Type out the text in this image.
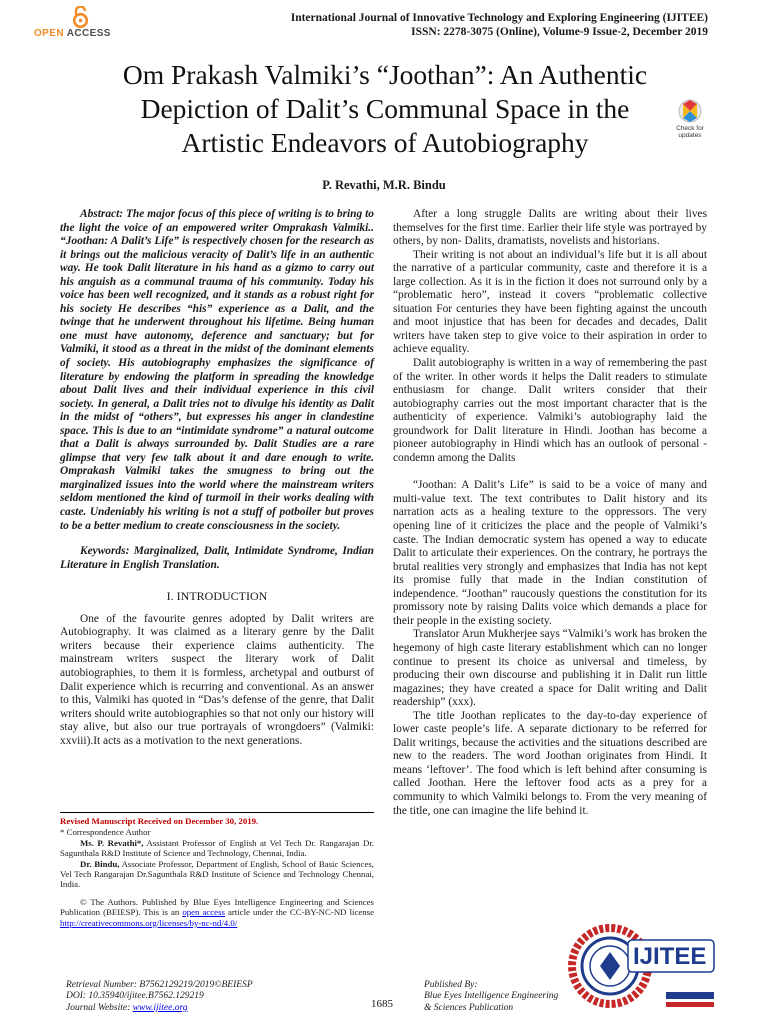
OPEN ACCESS
International Journal of Innovative Technology and Exploring Engineering (IJITEE)
ISSN: 2278-3075 (Online), Volume-9 Issue-2, December 2019
Om Prakash Valmiki’s “Joothan”: An Authentic
Depiction of Dalit’s Communal Space in the
Artistic Endeavors of Autobiography	Check for
updates
P. Revathi, M.R. Bindu

Abstract: The major focus of this piece of writing is to bring to the light the voice of an empowered writer Omprakash Valmiki.. “Joothan: A Dalit’s Life” is respectively chosen for the research as it brings out the malicious veracity of Dalit’s life in an authentic way. He took Dalit literature in his hand as a gizmo to carry out his anguish as a communal trauma of his community. Today his voice has been well recognized, and it stands as a robust right for his society He describes “his” experience as a Dalit, and the twinge that he underwent throughout his lifetime. Being human one must have autonomy, deference and sanctuary; but for Valmiki, it stood as a threat in the midst of the dominant elements of society. His autobiography emphasizes the significance of literature by endowing the platform in spreading the knowledge about Dalit lives and their individual experience in this civil society. In general, a Dalit tries not to divulge his identity as Dalit in the midst of “others”, but expresses his anger in clandestine space. This is due to an “intimidate syndrome” a natural outcome that a Dalit is always surrounded by. Dalit Studies are a rare glimpse that very few talk about it and dare enough to write. Omprakash Valmiki takes the smugness to bring out the marginalized issues into the world where the mainstream writers seldom mentioned the kind of turmoil in their works dealing with caste. Undeniably his writing is not a stuff of potboiler but proves to be a better medium to create consciousness in the society.

Keywords: Marginalized, Dalit, Intimidate Syndrome, Indian Literature in English Translation.

I. INTRODUCTION

One of the favourite genres adopted by Dalit writers are Autobiography. It was claimed as a literary genre by the Dalit writers because their experience claims authenticity. The mainstream writers suspect the literary work of Dalit autobiographies, to them it is formless, archetypal and outburst of Dalit experience which is recurring and conventional. As an answer to this, Valmiki has quoted in “Das’s defense of the genre, that Dalit writers should write autobiographies so that not only our history will stay alive, but also our true portrayals of wrongdoers” (Valmiki: xxviii).It acts as a motivation to the next generations.

Revised Manuscript Received on December 30, 2019.

* Correspondence Author

Ms. P. Revathi*, Assistant Professor of English at Vel Tech Dr. Rangarajan Dr. Sagunthala R&D Institute of Science and Technology, Chennai, India.

Dr. Bindu, Associate Professor, Department of English, School of Basic Sciences, Vel Tech Rangarajan Dr.Sagunthala R&D Institute of Science and Technology Chennai, India.

© The Authors. Published by Blue Eyes Intelligence Engineering and Sciences Publication (BEIESP). This is an open access article under the CC-BY-NC-ND license http://creativecommons.org/licenses/by-nc-nd/4.0/

After a long struggle Dalits are writing about their lives themselves for the first time. Earlier their life style was portrayed by others, by non- Dalits, dramatists, novelists and historians.

Their writing is not about an individual’s life but it is all about the narrative of a particular community, caste and therefore it is a large collection. As it is in the fiction it does not surround only by a “problematic hero”, instead it covers “problematic collective situation For centuries they have been fighting against the uncouth and moot injustice that has been for decades and decades, Dalit writers have taken step to give voice to their aspiration in order to achieve equality.

Dalit autobiography is written in a way of remembering the past of the writer. In other words it helps the Dalit readers to stimulate enthusiasm for change. Dalit writers consider that their autobiography carries out the most important character that is the authenticity of experience. Valmiki’s autobiography laid the groundwork for Dalit literature in Hindi. Joothan has become a pioneer autobiography in Hindi which has an outlook of personal - condemn among the Dalits

“Joothan: A Dalit’s Life” is said to be a voice of many and multi-value text. The text contributes to Dalit history and its narration acts as a healing texture to the oppressors. The very opening line of it criticizes the place and the people of Valmiki’s caste. The Indian democratic system has opened a way to educate Dalit to articulate their experiences. On the contrary, he portrays the brutal realities very strongly and emphasizes that India has not kept its promise fully that made in the Indian constitution of independence. “Joothan” raucously questions the constitution for its promissory note by raising Dalits voice which demands a place for their people in the existing society.

Translator Arun Mukherjee says “Valmiki’s work has broken the hegemony of high caste literary establishment which can no longer continue to present its choice as universal and timeless, by producing their own discourse and publishing it in Dalit run little magazines; they have created a space for Dalit writing and Dalit readership” (xxx).

The title Joothan replicates to the day-to-day experience of lower caste people’s life. A separate dictionary to be referred for Dalit writings, because the activities and the situations described are new to the readers. The word Joothan originates from Hindi. It means ‘leftover’. The food which is left behind after consuming is called Joothan. Here the leftover food acts as a prey for a community to which Valmiki belongs to. From the very meaning of the title, one can imagine the life behind it.

Retrieval Number: B7562129219/2019©BEIESP
DOI: 10.35940/ijitee.B7562.129219
Journal Website: www.ijitee.org	1685
Published By:
Blue Eyes Intelligence Engineering
& Sciences Publication
IJITEE
